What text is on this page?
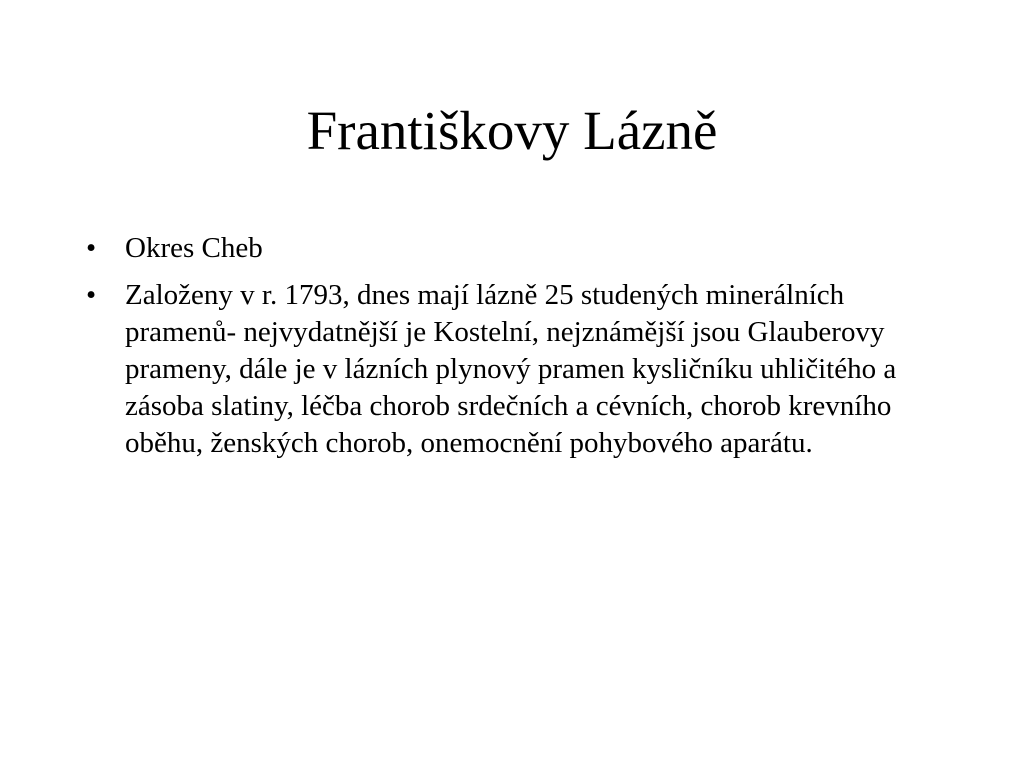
Františkovy Lázně
• Okres Cheb
• Založeny v r. 1793, dnes mají lázně 25 studených minerálních pramenů- nejvydatnější je Kostelní, nejznámější jsou Glauberovy prameny, dále je v lázních plynový pramen kysličníku uhličitého a zásoba slatiny, léčba chorob srdečních a cévních, chorob krevního oběhu, ženských chorob, onemocnění pohybového aparátu.
